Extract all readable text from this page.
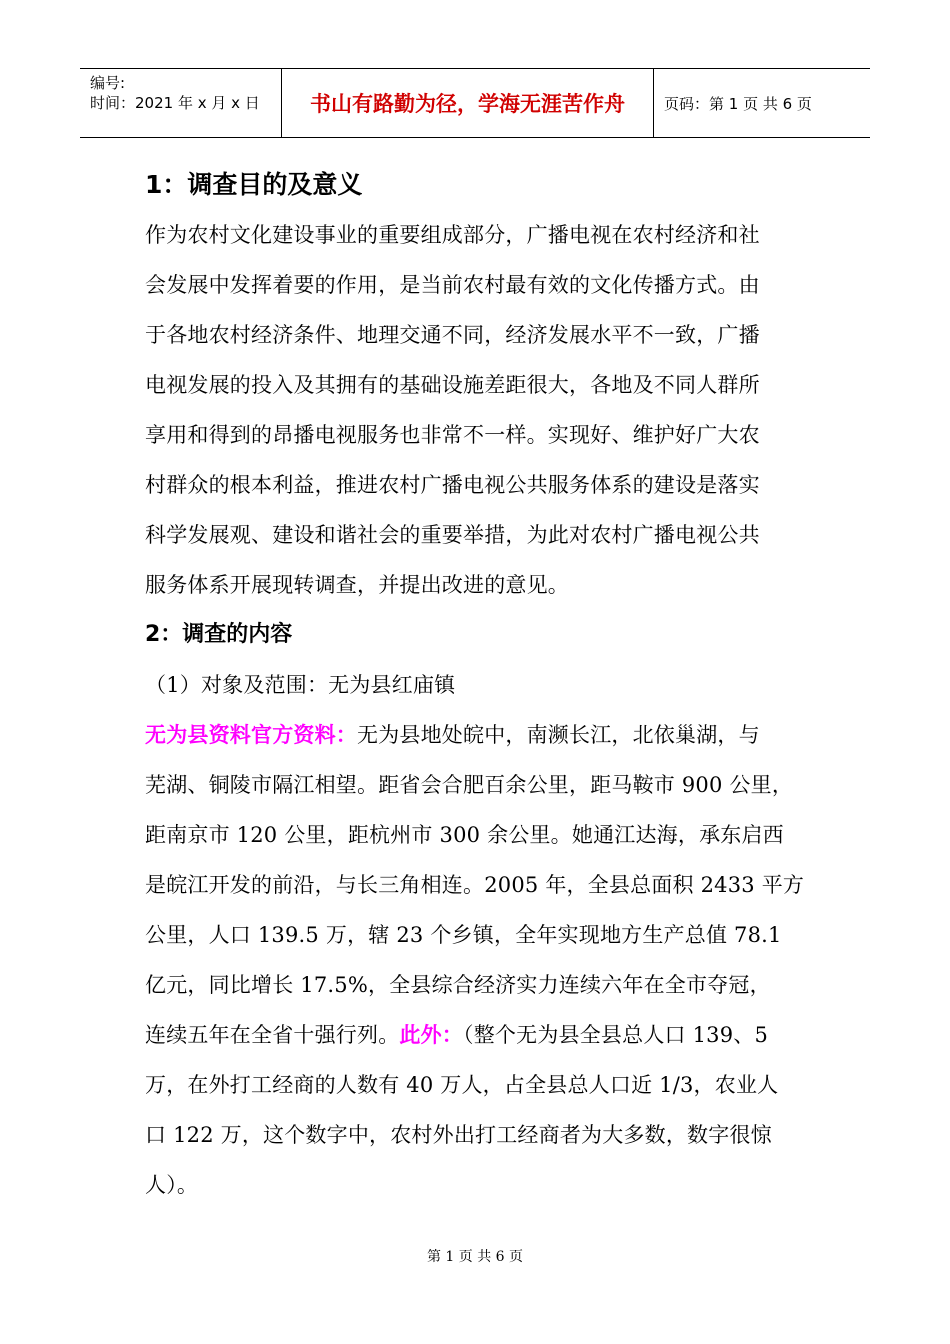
编号:
时间：2021 年 x 月 x 日	书山有路勤为径，学海无涯苦作舟	页码：第 1 页 共 6 页
1：调查目的及意义
作为农村文化建设事业的重要组成部分，广播电视在农村经济和社
会发展中发挥着要的作用，是当前农村最有效的文化传播方式。由
于各地农村经济条件、地理交通不同，经济发展水平不一致，广播
电视发展的投入及其拥有的基础设施差距很大，各地及不同人群所
享用和得到的昂播电视服务也非常不一样。实现好、维护好广大农
村群众的根本利益，推进农村广播电视公共服务体系的建设是落实
科学发展观、建设和谐社会的重要举措，为此对农村广播电视公共
服务体系开展现转调查，并提出改进的意见。
2：调查的内容
（1）对象及范围：无为县红庙镇
无为县资料官方资料：无为县地处皖中，南濒长江，北依巢湖，与
芜湖、铜陵市隔江相望。距省会合肥百余公里，距马鞍市 900 公里，
距南京市 120 公里，距杭州市 300 余公里。她通江达海，承东启西
是皖江开发的前沿，与长三角相连。2005 年，全县总面积 2433 平方
公里，人口 139.5 万，辖 23 个乡镇，全年实现地方生产总值 78.1
亿元，同比增长 17.5%，全县综合经济实力连续六年在全市夺冠，
连续五年在全省十强行列。此外：（整个无为县全县总人口 139、5
万，在外打工经商的人数有 40 万人，占全县总人口近 1/3，农业人
口 122 万，这个数字中，农村外出打工经商者为大多数，数字很惊
人）。
第 1 页 共 6 页
